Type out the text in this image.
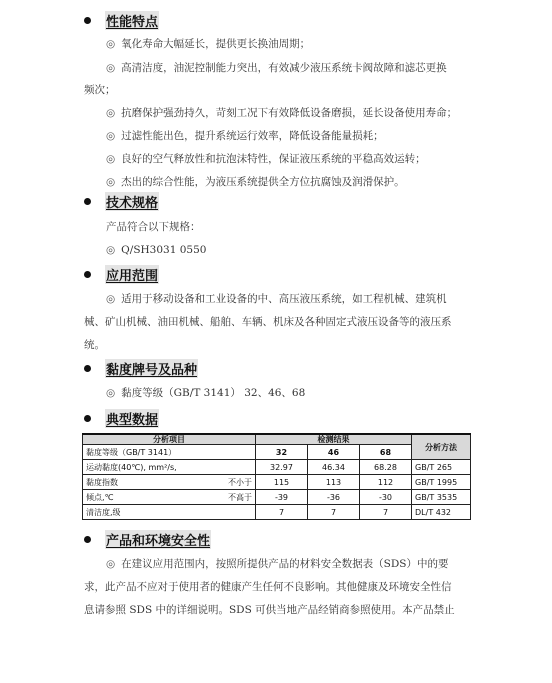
性能特点
◎ 氧化寿命大幅延长，提供更长换油周期；
◎ 高清洁度，油泥控制能力突出，有效减少液压系统卡阀故障和滤芯更换
频次；
◎ 抗磨保护强劲持久，苛刻工况下有效降低设备磨损，延长设备使用寿命；
◎ 过滤性能出色，提升系统运行效率，降低设备能量损耗；
◎ 良好的空气释放性和抗泡沫特性，保证液压系统的平稳高效运转；
◎ 杰出的综合性能，为液压系统提供全方位抗腐蚀及润滑保护。
技术规格
产品符合以下规格：
◎ Q/SH3031 0550
应用范围
◎ 适用于移动设备和工业设备的中、高压液压系统，如工程机械、建筑机
械、矿山机械、油田机械、船舶、车辆、机床及各种固定式液压设备等的液压系
统。
黏度牌号及品种
◎ 黏度等级（GB/T 3141） 32、46、68
典型数据
分析项目	检测结果			分析方法
黏度等级（GB/T 3141）	32	46	68	
运动黏度(40℃), mm²/s,	32.97	46.34	68.28	GB/T 265

黏度指数 不小于	115	113	112	GB/T 1995

倾点,℃ 不高于	-39	-36	-30	GB/T 3535
清洁度,级	7	7	7	DL/T 432
产品和环境安全性
◎ 在建议应用范围内，按照所提供产品的材料安全数据表（SDS）中的要
求，此产品不应对于使用者的健康产生任何不良影响。其他健康及环境安全性信
息请参照 SDS 中的详细说明。SDS 可供当地产品经销商参照使用。本产品禁止
